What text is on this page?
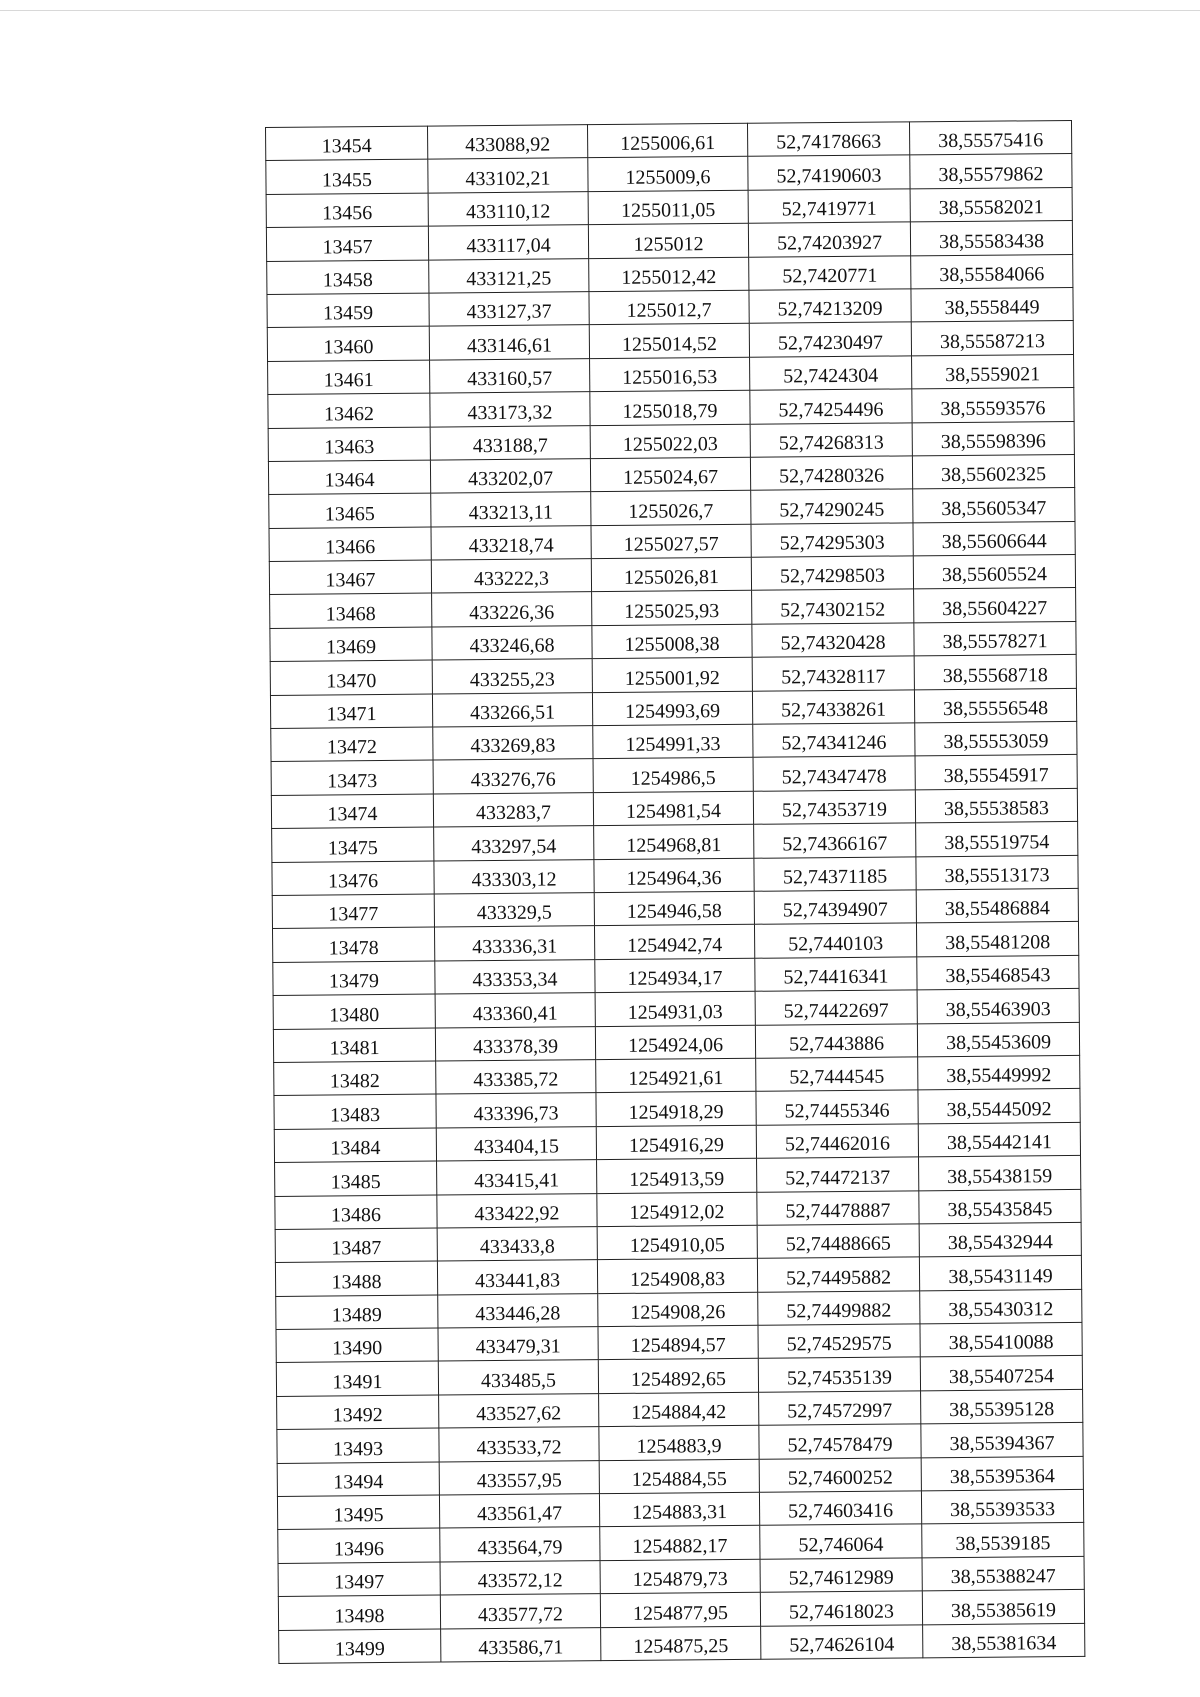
13454	433088,92	1255006,61	52,74178663	38,55575416
13455	433102,21	1255009,6	52,74190603	38,55579862
13456	433110,12	1255011,05	52,7419771	38,55582021
13457	433117,04	1255012	52,74203927	38,55583438
13458	433121,25	1255012,42	52,7420771	38,55584066
13459	433127,37	1255012,7	52,74213209	38,5558449
13460	433146,61	1255014,52	52,74230497	38,55587213
13461	433160,57	1255016,53	52,7424304	38,5559021
13462	433173,32	1255018,79	52,74254496	38,55593576
13463	433188,7	1255022,03	52,74268313	38,55598396
13464	433202,07	1255024,67	52,74280326	38,55602325
13465	433213,11	1255026,7	52,74290245	38,55605347
13466	433218,74	1255027,57	52,74295303	38,55606644
13467	433222,3	1255026,81	52,74298503	38,55605524
13468	433226,36	1255025,93	52,74302152	38,55604227
13469	433246,68	1255008,38	52,74320428	38,55578271
13470	433255,23	1255001,92	52,74328117	38,55568718
13471	433266,51	1254993,69	52,74338261	38,55556548
13472	433269,83	1254991,33	52,74341246	38,55553059
13473	433276,76	1254986,5	52,74347478	38,55545917
13474	433283,7	1254981,54	52,74353719	38,55538583
13475	433297,54	1254968,81	52,74366167	38,55519754
13476	433303,12	1254964,36	52,74371185	38,55513173
13477	433329,5	1254946,58	52,74394907	38,55486884
13478	433336,31	1254942,74	52,7440103	38,55481208
13479	433353,34	1254934,17	52,74416341	38,55468543
13480	433360,41	1254931,03	52,74422697	38,55463903
13481	433378,39	1254924,06	52,7443886	38,55453609
13482	433385,72	1254921,61	52,7444545	38,55449992
13483	433396,73	1254918,29	52,74455346	38,55445092
13484	433404,15	1254916,29	52,74462016	38,55442141
13485	433415,41	1254913,59	52,74472137	38,55438159
13486	433422,92	1254912,02	52,74478887	38,55435845
13487	433433,8	1254910,05	52,74488665	38,55432944
13488	433441,83	1254908,83	52,74495882	38,55431149
13489	433446,28	1254908,26	52,74499882	38,55430312
13490	433479,31	1254894,57	52,74529575	38,55410088
13491	433485,5	1254892,65	52,74535139	38,55407254
13492	433527,62	1254884,42	52,74572997	38,55395128
13493	433533,72	1254883,9	52,74578479	38,55394367
13494	433557,95	1254884,55	52,74600252	38,55395364
13495	433561,47	1254883,31	52,74603416	38,55393533
13496	433564,79	1254882,17	52,746064	38,5539185
13497	433572,12	1254879,73	52,74612989	38,55388247
13498	433577,72	1254877,95	52,74618023	38,55385619
13499	433586,71	1254875,25	52,74626104	38,55381634
